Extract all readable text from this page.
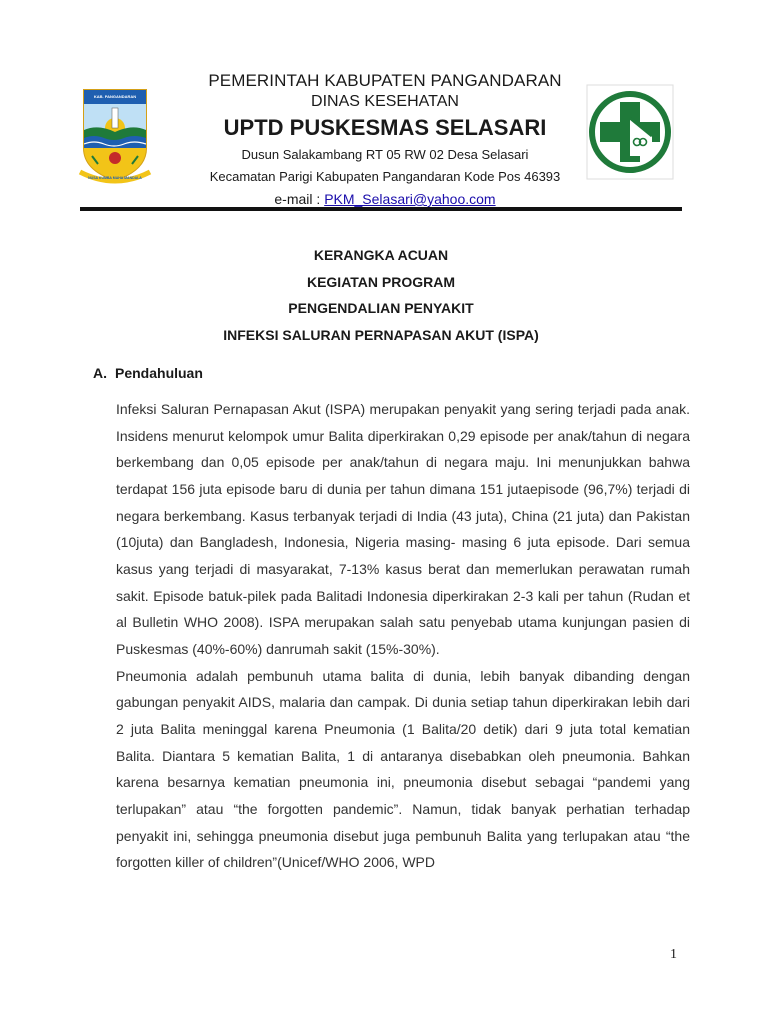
KAB. PANGANDARAN
NUSA KUMBA MAHA MANDALA
PEMERINTAH KABUPATEN PANGANDARAN
DINAS KESEHATAN
UPTD PUSKESMAS SELASARI
Dusun Salakambang RT 05 RW 02 Desa Selasari
Kecamatan Parigi Kabupaten Pangandaran Kode Pos 46393
e-mail : PKM_Selasari@yahoo.com
KERANGKA ACUAN
KEGIATAN PROGRAM
PENGENDALIAN PENYAKIT
INFEKSI SALURAN PERNAPASAN AKUT (ISPA)
A. Pendahuluan

Infeksi Saluran Pernapasan Akut (ISPA) merupakan penyakit yang sering terjadi pada anak. Insidens menurut kelompok umur Balita diperkirakan 0,29 episode per anak/tahun di negara berkembang dan 0,05 episode per anak/tahun di negara maju. Ini menunjukkan bahwa terdapat 156 juta episode baru di dunia per tahun dimana 151 jutaepisode (96,7%) terjadi di negara berkembang. Kasus terbanyak terjadi di India (43 juta), China (21 juta) dan Pakistan (10juta) dan Bangladesh, Indonesia, Nigeria masing- masing 6 juta episode. Dari semua kasus yang terjadi di masyarakat, 7-13% kasus berat dan memerlukan perawatan rumah sakit. Episode batuk-pilek pada Balitadi Indonesia diperkirakan 2-3 kali per tahun (Rudan et al Bulletin WHO 2008). ISPA merupakan salah satu penyebab utama kunjungan pasien di Puskesmas (40%-60%) danrumah sakit (15%-30%).

Pneumonia adalah pembunuh utama balita di dunia, lebih banyak dibanding dengan gabungan penyakit AIDS, malaria dan campak. Di dunia setiap tahun diperkirakan lebih dari 2 juta Balita meninggal karena Pneumonia (1 Balita/20 detik) dari 9 juta total kematian Balita. Diantara 5 kematian Balita, 1 di antaranya disebabkan oleh pneumonia. Bahkan karena besarnya kematian pneumonia ini, pneumonia disebut sebagai “pandemi yang terlupakan” atau “the forgotten pandemic”. Namun, tidak banyak perhatian terhadap penyakit ini, sehingga pneumonia disebut juga pembunuh Balita yang terlupakan atau “the forgotten killer of children”(Unicef/WHO 2006, WPD

1
